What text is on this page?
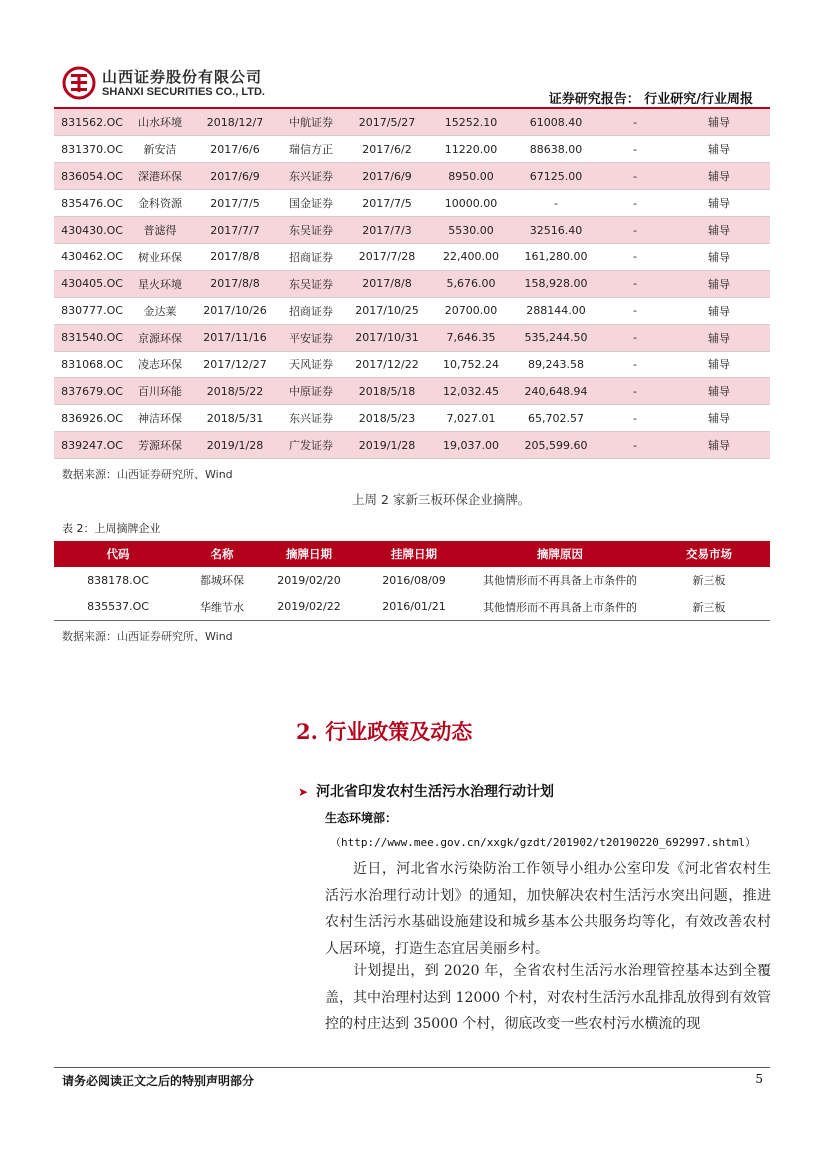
山西证券股份有限公司
SHANXI SECURITIES CO., LTD.	证券研究报告： 行业研究/行业周报
831562.OC	山水环境	2018/12/7	中航证券	2017/5/27	15252.10	61008.40	-	辅导
831370.OC	新安洁	2017/6/6	瑞信方正	2017/6/2	11220.00	88638.00	-	辅导
836054.OC	深港环保	2017/6/9	东兴证券	2017/6/9	8950.00	67125.00	-	辅导
835476.OC	金科资源	2017/7/5	国金证券	2017/7/5	10000.00	-	-	辅导
430430.OC	普滤得	2017/7/7	东吴证券	2017/7/3	5530.00	32516.40	-	辅导
430462.OC	树业环保	2017/8/8	招商证券	2017/7/28	22,400.00	161,280.00	-	辅导
430405.OC	星火环境	2017/8/8	东吴证券	2017/8/8	5,676.00	158,928.00	-	辅导
830777.OC	金达莱	2017/10/26	招商证券	2017/10/25	20700.00	288144.00	-	辅导
831540.OC	京源环保	2017/11/16	平安证券	2017/10/31	7,646.35	535,244.50	-	辅导
831068.OC	凌志环保	2017/12/27	天风证券	2017/12/22	10,752.24	89,243.58	-	辅导
837679.OC	百川环能	2018/5/22	中原证券	2018/5/18	12,032.45	240,648.94	-	辅导
836926.OC	神洁环保	2018/5/31	东兴证券	2018/5/23	7,027.01	65,702.57	-	辅导
839247.OC	芳源环保	2019/1/28	广发证券	2019/1/28	19,037.00	205,599.60	-	辅导
数据来源：山西证券研究所、Wind
上周 2 家新三板环保企业摘牌。
表 2：上周摘牌企业
代码	名称	摘牌日期	挂牌日期	摘牌原因	交易市场
838178.OC	都城环保	2019/02/20	2016/08/09	其他情形而不再具备上市条件的	新三板
835537.OC	华维节水	2019/02/22	2016/01/21	其他情形而不再具备上市条件的	新三板
数据来源：山西证券研究所、Wind
2. 行业政策及动态
➤ 河北省印发农村生活污水治理行动计划
生态环境部：
（http://www.mee.gov.cn/xxgk/gzdt/201902/t20190220_692997.shtml）
近日，河北省水污染防治工作领导小组办公室印发《河北省农村生活污水治理行动计划》的通知，加快解决农村生活污水突出问题，推进农村生活污水基础设施建设和城乡基本公共服务均等化，有效改善农村人居环境，打造生态宜居美丽乡村。
计划提出，到 2020 年，全省农村生活污水治理管控基本达到全覆盖，其中治理村达到 12000 个村，对农村生活污水乱排乱放得到有效管控的村庄达到 35000 个村，彻底改变一些农村污水横流的现
请务必阅读正文之后的特别声明部分	5
